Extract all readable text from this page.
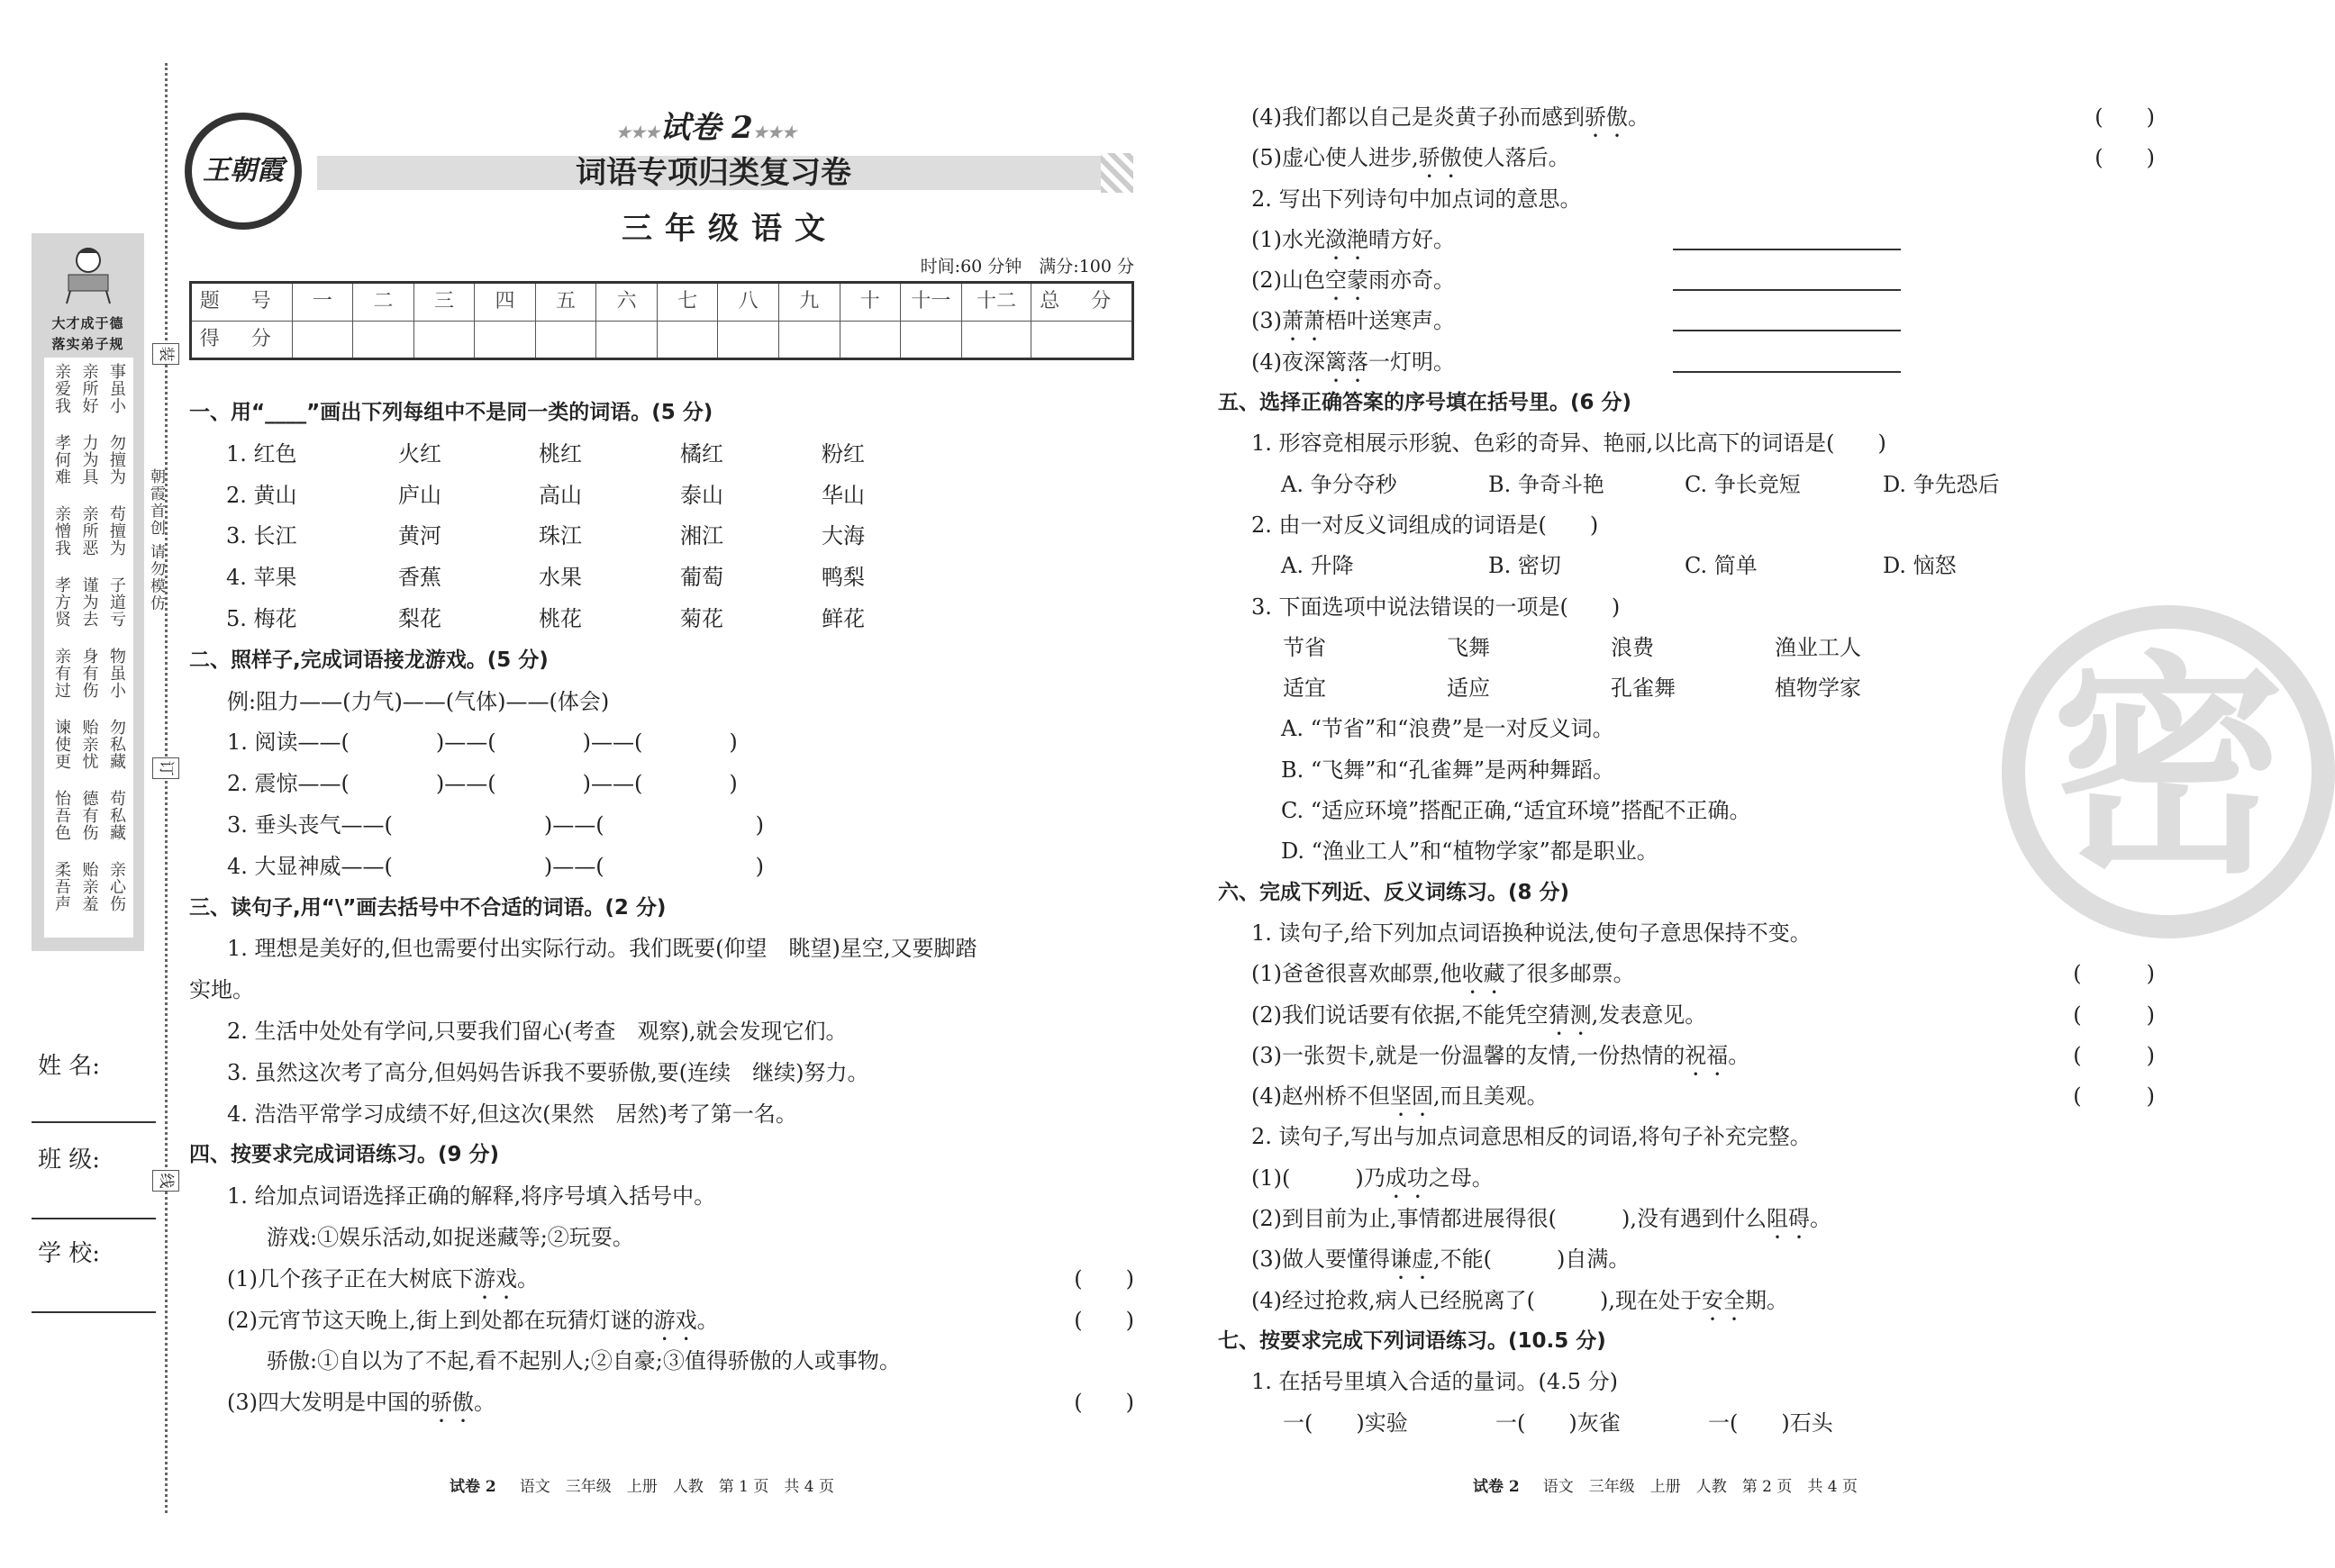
装
订
线
朝霞首创 请勿模仿
大才成于德
落实弟子规
亲爱我 亲所好 事虽小
孝何难 力为具 勿擅为
亲憎我 亲所恶 苟擅为
孝方贤 谨为去 子道亏
亲有过 身有伤 物虽小
谏使更 贻亲忧 勿私藏
怡吾色 德有伤 苟私藏
柔吾声 贻亲羞 亲心伤
姓 名:
班 级:
学 校:
王朝霞
★★★试卷 2★★★
词语专项归类复习卷
三年级语文
时间:60 分钟　满分:100 分
题 号	一	二	三	四	五	六	七	八	九	十	十一	十二	总 分
得 分													
一、用“____”画出下列每组中不是同一类的词语。(5 分)
1. 红色	火红	桃红	橘红	粉红
2. 黄山	庐山	高山	泰山	华山
3. 长江	黄河	珠江	湘江	大海
4. 苹果	香蕉	水果	葡萄	鸭梨
5. 梅花	梨花	桃花	菊花	鲜花
二、照样子,完成词语接龙游戏。(5 分)
例:阻力——(力气)——(气体)——(体会)
1. 阅读——(　　　　)——(　　　　)——(　　　　)
2. 震惊——(　　　　)——(　　　　)——(　　　　)
3. 垂头丧气——(　　　　　　　)——(　　　　　　　)
4. 大显神威——(　　　　　　　)——(　　　　　　　)
三、读句子,用“\”画去括号中不合适的词语。(2 分)
1. 理想是美好的,但也需要付出实际行动。我们既要(仰望　眺望)星空,又要脚踏
实地。
2. 生活中处处有学问,只要我们留心(考查　观察),就会发现它们。
3. 虽然这次考了高分,但妈妈告诉我不要骄傲,要(连续　继续)努力。
4. 浩浩平常学习成绩不好,但这次(果然　居然)考了第一名。
四、按要求完成词语练习。(9 分)
1. 给加点词语选择正确的解释,将序号填入括号中。
游戏:①娱乐活动,如捉迷藏等;②玩耍。
(1)几个孩子正在大树底下游戏。	(　　)
(2)元宵节这天晚上,街上到处都在玩猜灯谜的游戏。	(　　)
骄傲:①自以为了不起,看不起别人;②自豪;③值得骄傲的人或事物。
(3)四大发明是中国的骄傲。	(　　)
试卷 2 语文　三年级　上册　人教　第 1 页　共 4 页
密
(4)我们都以自己是炎黄子孙而感到骄傲。	(　　)
(5)虚心使人进步,骄傲使人落后。	(　　)
2. 写出下列诗句中加点词的意思。
(1)水光潋滟晴方好。
(2)山色空蒙雨亦奇。
(3)萧萧梧叶送寒声。
(4)夜深篱落一灯明。
五、选择正确答案的序号填在括号里。(6 分)
1. 形容竞相展示形貌、色彩的奇异、艳丽,以比高下的词语是(　　)
A. 争分夺秒	B. 争奇斗艳	C. 争长竞短	D. 争先恐后
2. 由一对反义词组成的词语是(　　)
A. 升降	B. 密切	C. 简单	D. 恼怒
3. 下面选项中说法错误的一项是(　　)
节省	飞舞	浪费	渔业工人
适宜	适应	孔雀舞	植物学家
A. “节省”和“浪费”是一对反义词。
B. “飞舞”和“孔雀舞”是两种舞蹈。
C. “适应环境”搭配正确,“适宜环境”搭配不正确。
D. “渔业工人”和“植物学家”都是职业。
六、完成下列近、反义词练习。(8 分)
1. 读句子,给下列加点词语换种说法,使句子意思保持不变。
(1)爸爸很喜欢邮票,他收藏了很多邮票。	(　　　)
(2)我们说话要有依据,不能凭空猜测,发表意见。	(　　　)
(3)一张贺卡,就是一份温馨的友情,一份热情的祝福。	(　　　)
(4)赵州桥不但坚固,而且美观。	(　　　)
2. 读句子,写出与加点词意思相反的词语,将句子补充完整。
(1)(　　　)乃成功之母。
(2)到目前为止,事情都进展得很(　　　),没有遇到什么阻碍。
(3)做人要懂得谦虚,不能(　　　)自满。
(4)经过抢救,病人已经脱离了(　　　),现在处于安全期。
七、按要求完成下列词语练习。(10.5 分)
1. 在括号里填入合适的量词。(4.5 分)
一(　　)实验	一(　　)灰雀	一(　　)石头
试卷 2 语文　三年级　上册　人教　第 2 页　共 4 页
